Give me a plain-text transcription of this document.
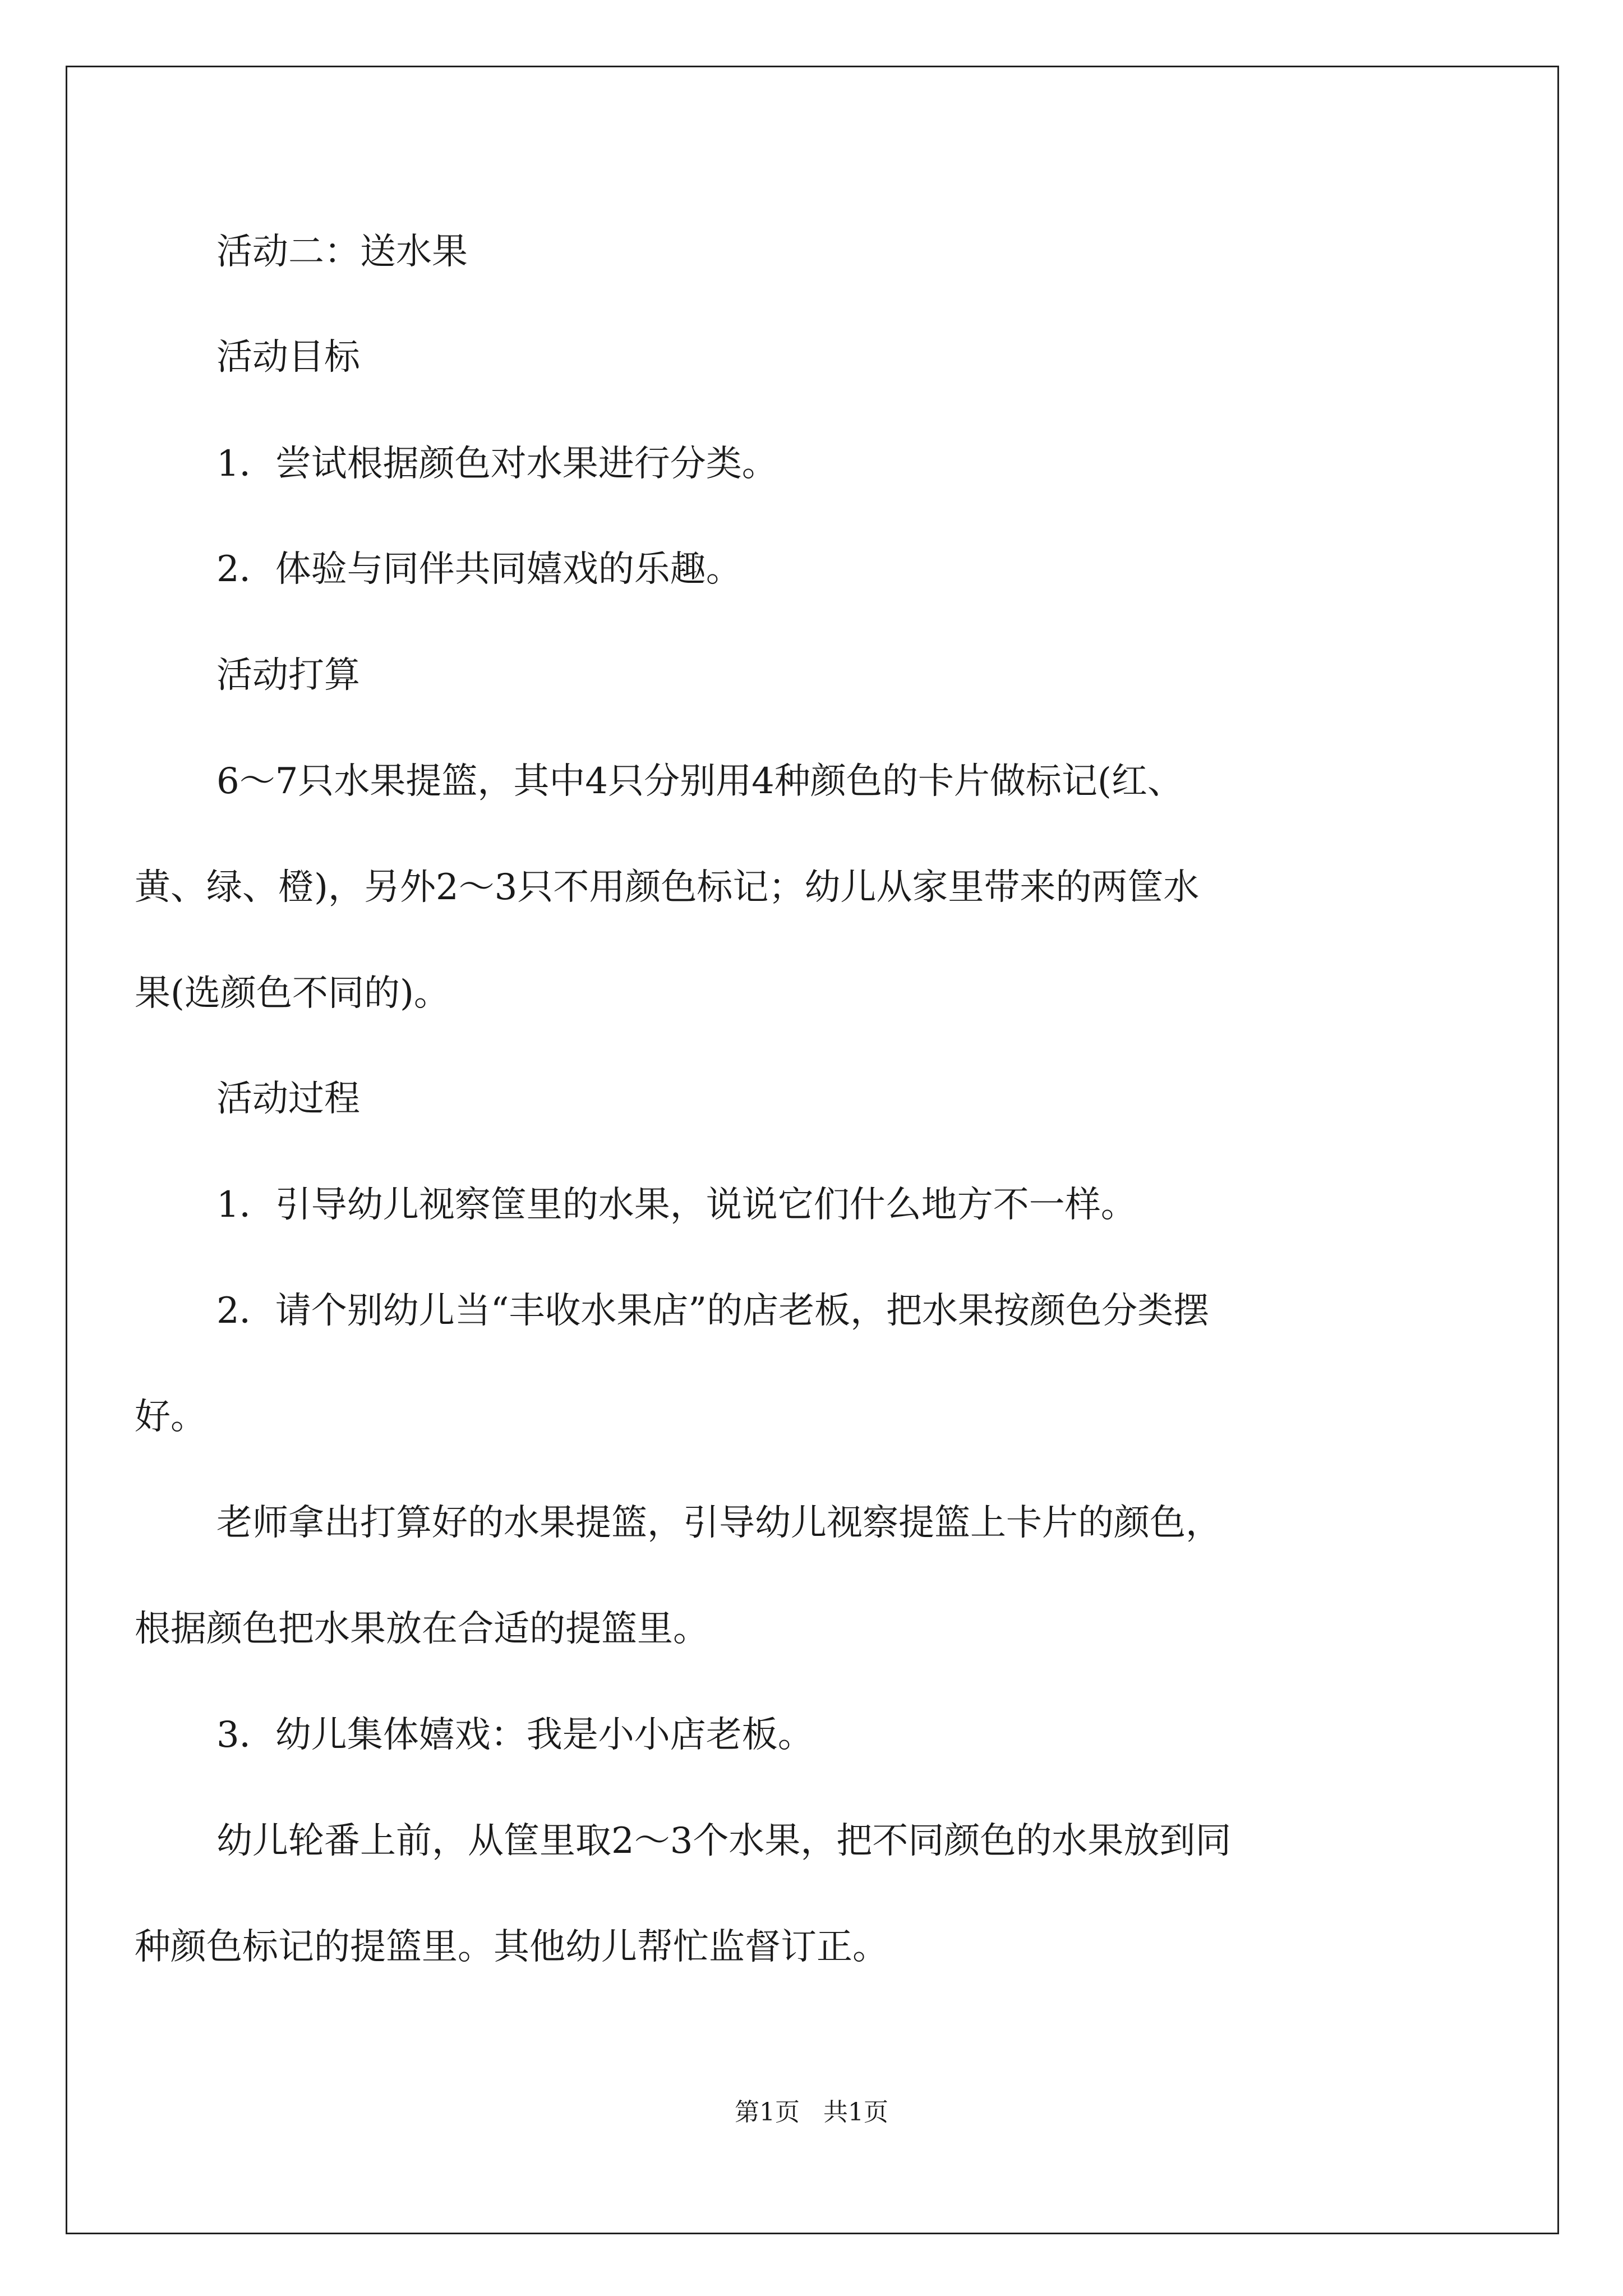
活动二：送水果
活动目标
1．尝试根据颜色对水果进行分类。
2．体验与同伴共同嬉戏的乐趣。
活动打算
6～7只水果提篮，其中4只分别用4种颜色的卡片做标记(红、
黄、绿、橙)，另外2～3只不用颜色标记；幼儿从家里带来的两筐水
果(选颜色不同的)。
活动过程
1．引导幼儿视察筐里的水果，说说它们什么地方不一样。
2．请个别幼儿当“丰收水果店”的店老板，把水果按颜色分类摆
好。
老师拿出打算好的水果提篮，引导幼儿视察提篮上卡片的颜色，
根据颜色把水果放在合适的提篮里。
3．幼儿集体嬉戏：我是小小店老板。
幼儿轮番上前，从筐里取2～3个水果，把不同颜色的水果放到同
种颜色标记的提篮里。其他幼儿帮忙监督订正。
第1页   共1页
